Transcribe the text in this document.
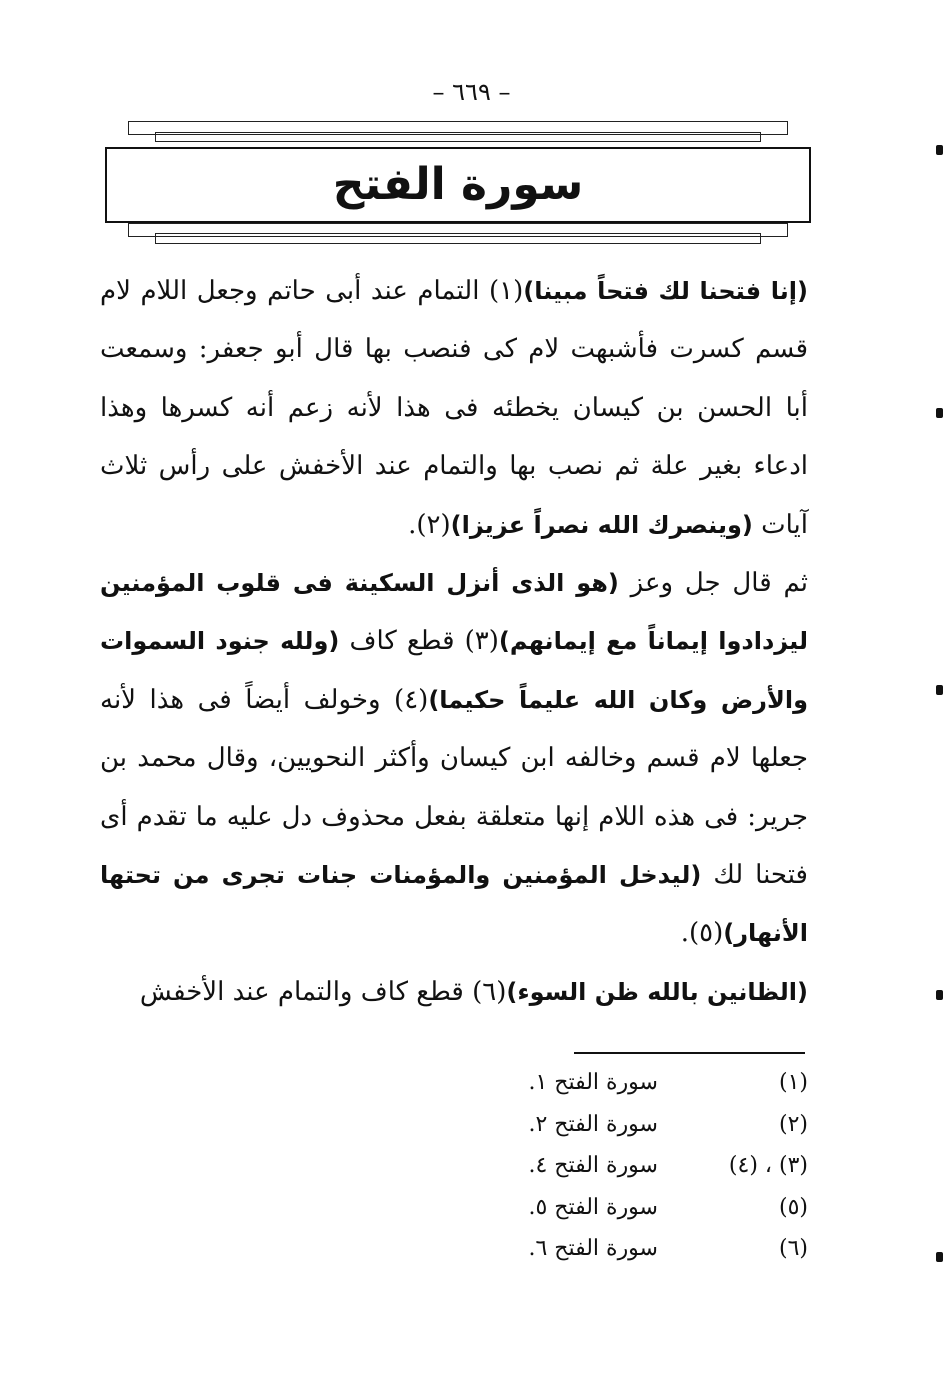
– ٦٦٩ –
سورة الفتح

(إنا فتحنا لك فتحاً مبينا)(١) التمام عند أبى حاتم وجعل اللام لام قسم كسرت فأشبهت لام كى فنصب بها قال أبو جعفر: وسمعت أبا الحسن بن كيسان يخطئه فى هذا لأنه زعم أنه كسرها وهذا ادعاء بغير علة ثم نصب بها والتمام عند الأخفش على رأس ثلاث آيات (وينصرك الله نصراً عزيزا)(٢).

ثم قال جل وعز (هو الذى أنزل السكينة فى قلوب المؤمنين ليزدادوا إيماناً مع إيمانهم)(٣) قطع كاف (ولله جنود السموات والأرض وكان الله عليماً حكيما)(٤) وخولف أيضاً فى هذا لأنه جعلها لام قسم وخالفه ابن كيسان وأكثر النحويين، وقال محمد بن جرير: فى هذه اللام إنها متعلقة بفعل محذوف دل عليه ما تقدم أى فتحنا لك (ليدخل المؤمنين والمؤمنات جنات تجرى من تحتها الأنهار)(٥).

(الظانين بالله ظن السوء)(٦) قطع كاف والتمام عند الأخفش

(١)
سورة الفتح ١.
(٢)
سورة الفتح ٢.
(٣) ، (٤)
سورة الفتح ٤.
(٥)
سورة الفتح ٥.
(٦)
سورة الفتح ٦.
